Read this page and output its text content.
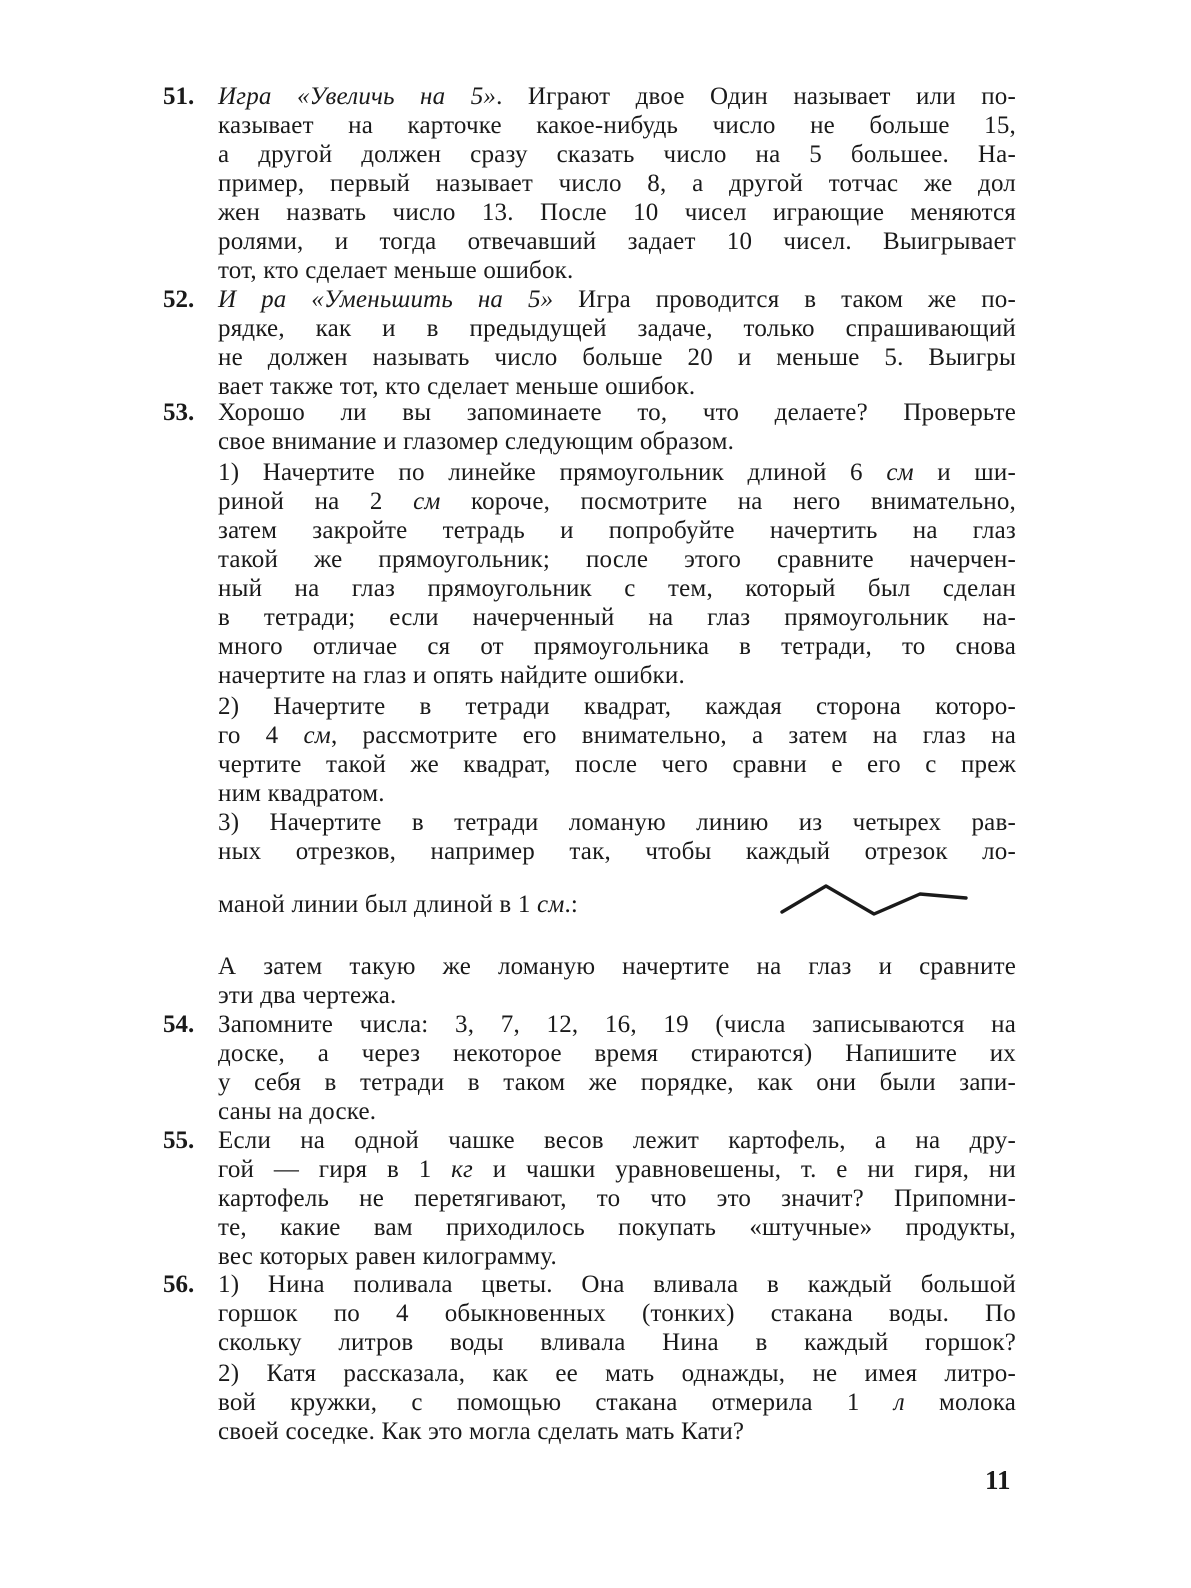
51. Игра «Увеличь на 5». Играют двое Один называет или по-
казывает на карточке какое-нибудь число не больше 15,
а другой должен сразу сказать число на 5 большее. На-
пример, первый называет число 8, а другой тотчас же дол
жен назвать число 13. После 10 чисел играющие меняются
ролями, и тогда отвечавший задает 10 чисел. Выигрывает
тот, кто сделает меньше ошибок.
52. И ра «Уменьшить на 5» Игра проводится в таком же по-
рядке, как и в предыдущей задаче, только спрашивающий
не должен называть число больше 20 и меньше 5. Выигры
вает также тот, кто сделает меньше ошибок.
53. Хорошо ли вы запоминаете то, что делаете? Проверьте
свое внимание и глазомер следующим образом.
1) Начертите по линейке прямоугольник длиной 6 см и ши-
риной на 2 см короче, посмотрите на него внимательно,
затем закройте тетрадь и попробуйте начертить на глаз
такой же прямоугольник; после этого сравните начерчен-
ный на глаз прямоугольник с тем, который был сделан
в тетради; если начерченный на глаз прямоугольник на-
много отличае ся от прямоугольника в тетради, то снова
начертите на глаз и опять найдите ошибки.
2) Начертите в тетради квадрат, каждая сторона которо-
го 4 см, рассмотрите его внимательно, а затем на глаз на
чертите такой же квадрат, после чего сравни е его с преж
ним квадратом.
3) Начертите в тетради ломаную линию из четырех рав-
ных отрезков, например так, чтобы каждый отрезок ло-
маной линии был длиной в 1 см.:
А затем такую же ломаную начертите на глаз и сравните
эти два чертежа.
54. Запомните числа: 3, 7, 12, 16, 19 (числа записываются на
доске, а через некоторое время стираются) Напишите их
у себя в тетради в таком же порядке, как они были запи-
саны на доске.
55. Если на одной чашке весов лежит картофель, а на дру-
гой — гиря в 1 кг и чашки уравновешены, т. е ни гиря, ни
картофель не перетягивают, то что это значит? Припомни-
те, какие вам приходилось покупать «штучные» продукты,
вес которых равен килограмму.
56. 1) Нина поливала цветы. Она вливала в каждый большой
горшок по 4 обыкновенных (тонких) стакана воды. По
скольку литров воды вливала Нина в каждый горшок?
2) Катя рассказала, как ее мать однажды, не имея литро-
вой кружки, с помощью стакана отмерила 1 л молока
своей соседке. Как это могла сделать мать Кати?
11
